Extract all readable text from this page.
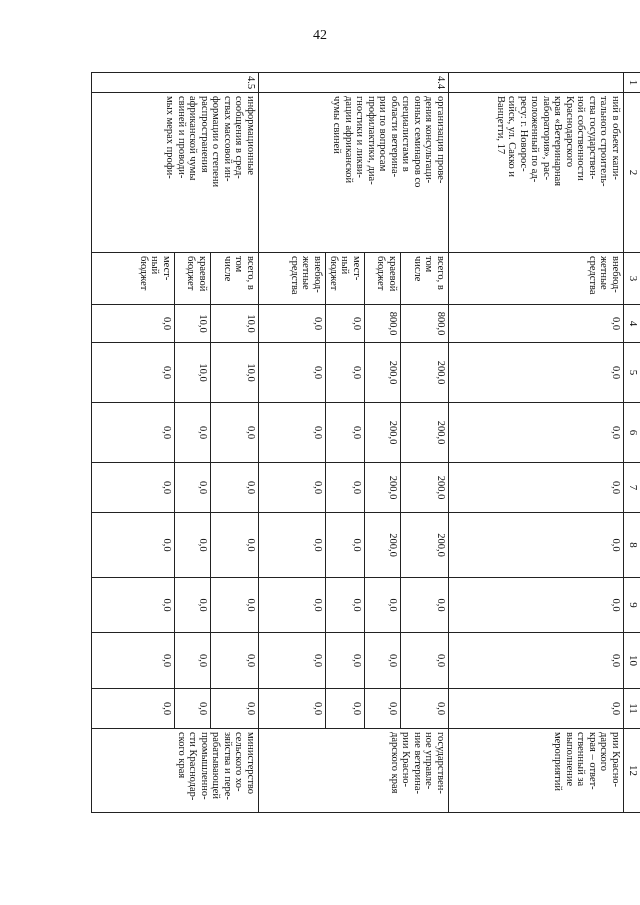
42
1
2
3
4
5
6
7
8
9
10
11
12
ний в объект капи-
тального строитель-
ства государствен-
ной собственности
Краснодарского
края «Ветеринарная
лаборатория», рас-
положенный по ад-
ресу: г. Новорос-
сийск, ул. Сакко и
Ванцетти, 17
рии Красно-
дарского
края – ответ-
ственный за
выполнение
мероприятий
внебюд-
жетные
средства
0,0
0,0
0,0
0,0
0,0
0,0
0,0
0,0
4.4
организация прове-
дения консультаци-
онных семинаров со
специалистами в
области ветерина-
рии по вопросам
профилактики, диа-
гностики и ликви-
дации африканской
чумы свиней
государствен-
ное управле-
ние ветерина-
рии Красно-
дарского края
всего, в
том
числе
800,0
200,0
200,0
200,0
200,0
0,0
0,0
0,0
краевой
бюджет
800,0
200,0
200,0
200,0
200,0
0,0
0,0
0,0
мест-
ный
бюджет
0,0
0,0
0,0
0,0
0,0
0,0
0,0
0,0
внебюд-
жетные
средства
0,0
0,0
0,0
0,0
0,0
0,0
0,0
0,0
4.5
информационные
сообщения в сред-
ствах массовой ин-
формации о степени
распространения
африканской чумы
свиней и проводи-
мых мерах профи-
министерство
сельского хо-
зяйства и пере-
рабатывающей
промышленно-
сти Краснодар-
ского края
всего, в
том
числе
10,0
10,0
0,0
0,0
0,0
0,0
0,0
0,0
краевой
бюджет
10,0
10,0
0,0
0,0
0,0
0,0
0,0
0,0
мест-
ный
бюджет
0,0
0,0
0,0
0,0
0,0
0,0
0,0
0,0
